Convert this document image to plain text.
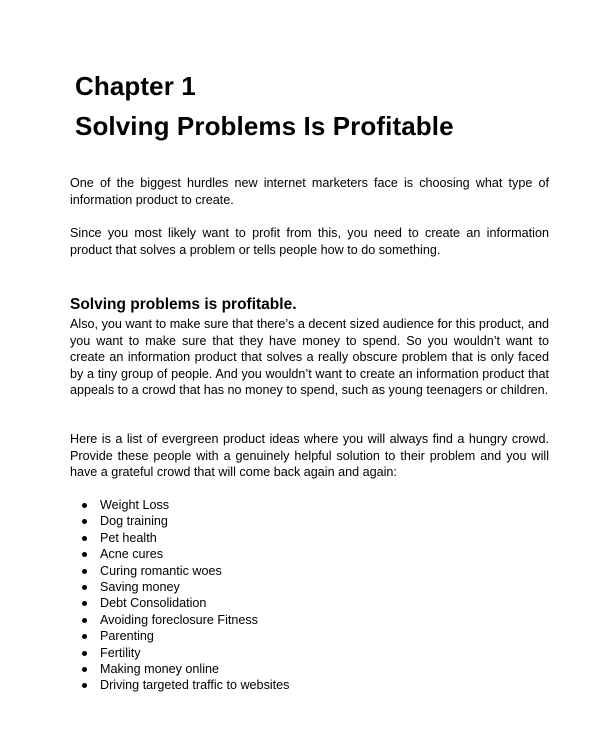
Chapter 1
Solving Problems Is Profitable

One of the biggest hurdles new internet marketers face is choosing what type of information product to create.

Since you most likely want to profit from this, you need to create an information product that solves a problem or tells people how to do something.

Solving problems is profitable.

Also, you want to make sure that there’s a decent sized audience for this product, and you want to make sure that they have money to spend. So you wouldn’t want to create an information product that solves a really obscure problem that is only faced by a tiny group of people. And you wouldn’t want to create an information product that appeals to a crowd that has no money to spend, such as young teenagers or children.

Here is a list of evergreen product ideas where you will always find a hungry crowd. Provide these people with a genuinely helpful solution to their problem and you will have a grateful crowd that will come back again and again:

Weight Loss
Dog training
Pet health
Acne cures
Curing romantic woes
Saving money
Debt Consolidation
Avoiding foreclosure Fitness
Parenting
Fertility
Making money online
Driving targeted traffic to websites
